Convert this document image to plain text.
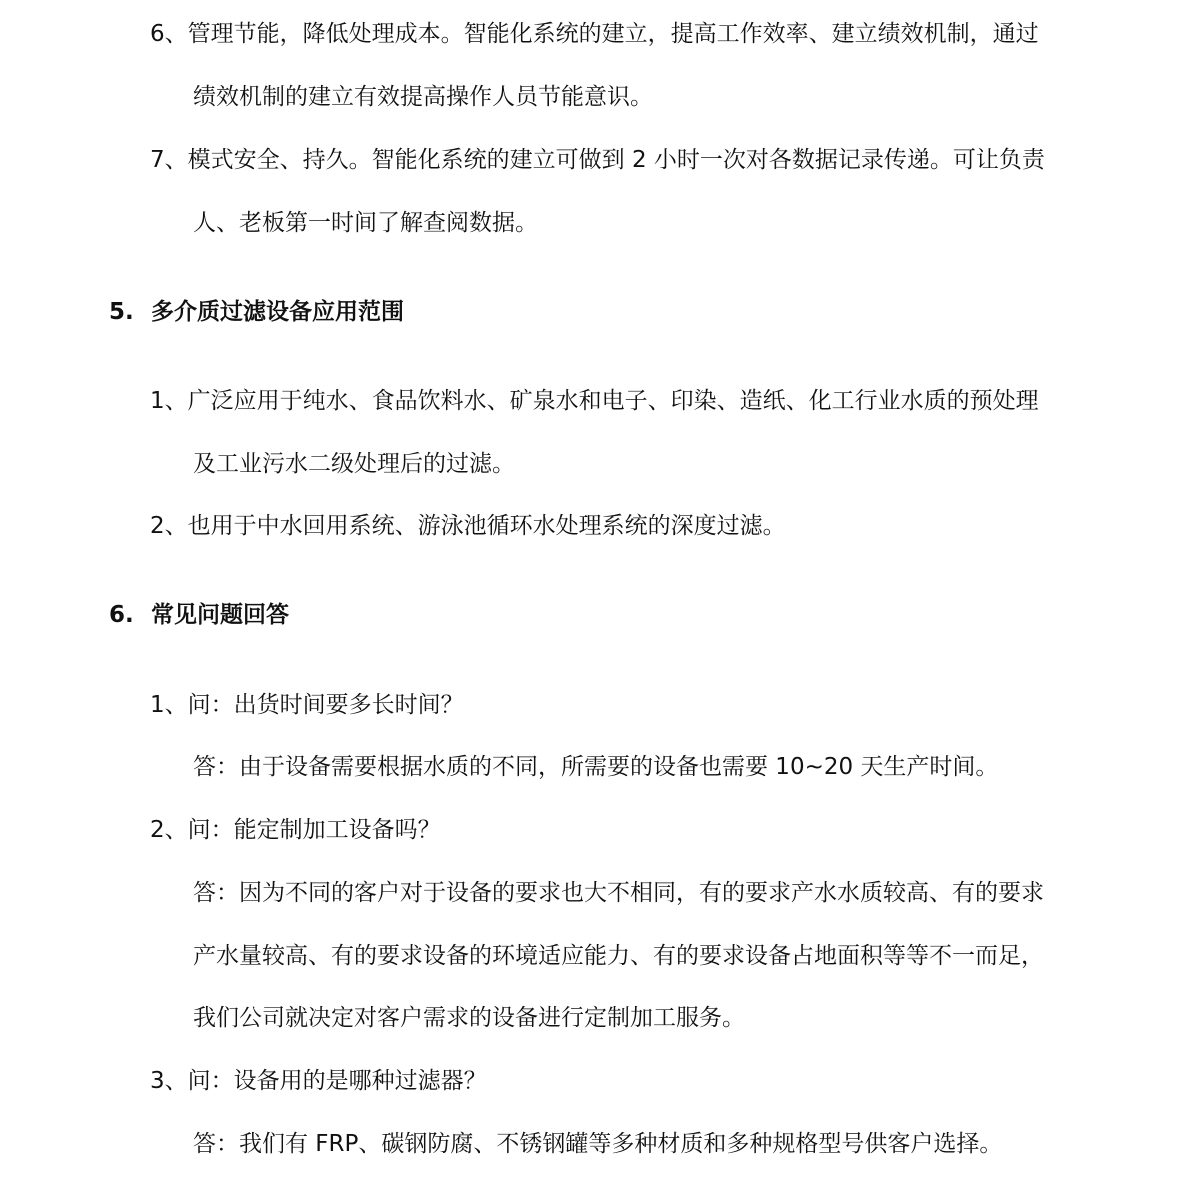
6、管理节能，降低处理成本。智能化系统的建立，提高工作效率、建立绩效机制，通过
绩效机制的建立有效提高操作人员节能意识。
7、模式安全、持久。智能化系统的建立可做到 2 小时一次对各数据记录传递。可让负责
人、老板第一时间了解查阅数据。
5. 多介质过滤设备应用范围
1、广泛应用于纯水、食品饮料水、矿泉水和电子、印染、造纸、化工行业水质的预处理
及工业污水二级处理后的过滤。
2、也用于中水回用系统、游泳池循环水处理系统的深度过滤。
6. 常见问题回答
1、问：出货时间要多长时间？
答：由于设备需要根据水质的不同，所需要的设备也需要 10~20 天生产时间。
2、问：能定制加工设备吗？
答：因为不同的客户对于设备的要求也大不相同，有的要求产水水质较高、有的要求
产水量较高、有的要求设备的环境适应能力、有的要求设备占地面积等等不一而足，
我们公司就决定对客户需求的设备进行定制加工服务。
3、问：设备用的是哪种过滤器？
答：我们有 FRP、碳钢防腐、不锈钢罐等多种材质和多种规格型号供客户选择。
